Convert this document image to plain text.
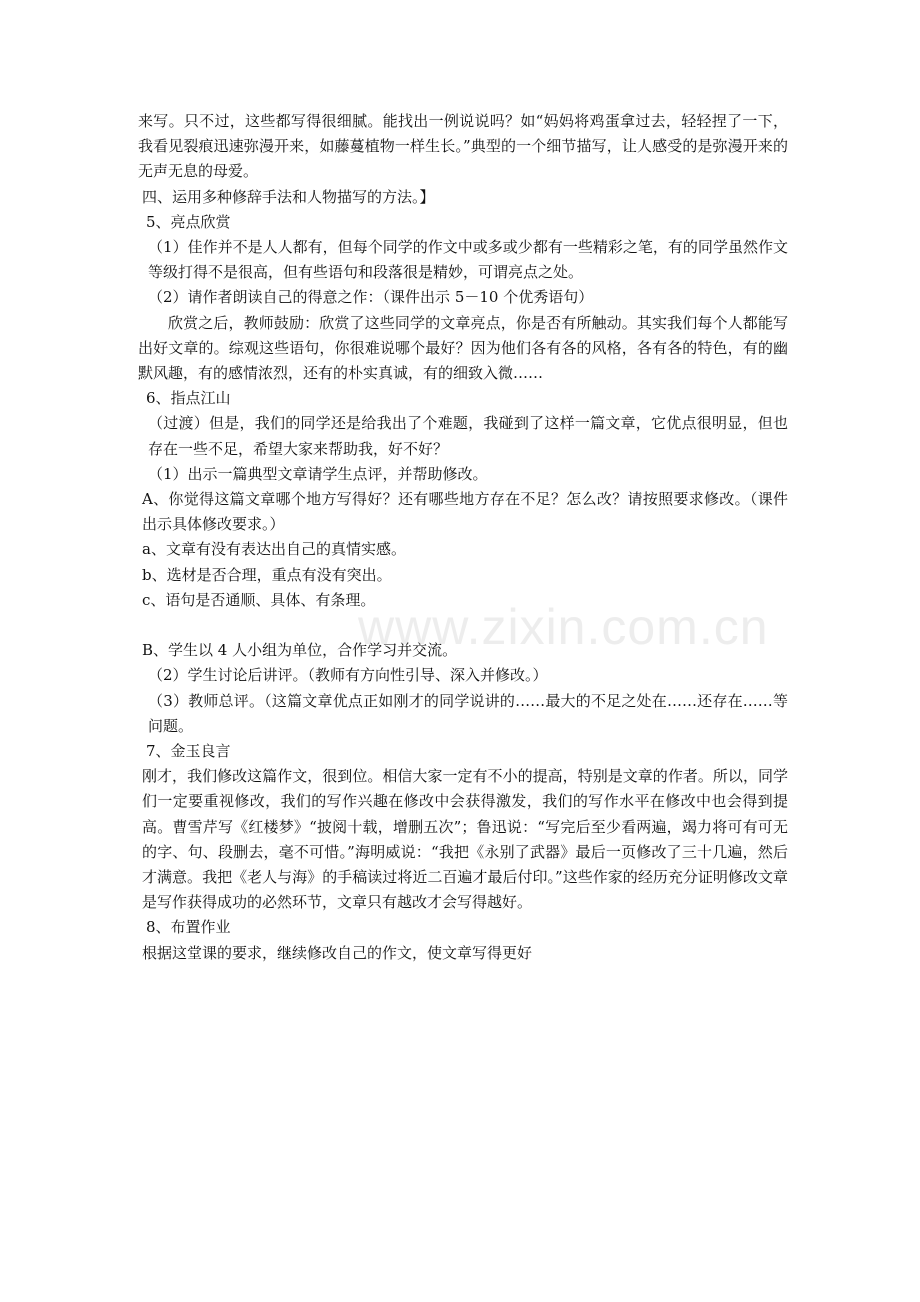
来写。只不过，这些都写得很细腻。能找出一例说说吗？如“妈妈将鸡蛋拿过去，轻轻捏了一下，我看见裂痕迅速弥漫开来，如藤蔓植物一样生长。”典型的一个细节描写，让人感受的是弥漫开来的无声无息的母爱。

四、运用多种修辞手法和人物描写的方法。】

5、亮点欣赏

（1）佳作并不是人人都有，但每个同学的作文中或多或少都有一些精彩之笔，有的同学虽然作文等级打得不是很高，但有些语句和段落很是精妙，可谓亮点之处。

（2）请作者朗读自己的得意之作：（课件出示 5－10 个优秀语句）

欣赏之后，教师鼓励：欣赏了这些同学的文章亮点，你是否有所触动。其实我们每个人都能写出好文章的。综观这些语句，你很难说哪个最好？因为他们各有各的风格，各有各的特色，有的幽默风趣，有的感情浓烈，还有的朴实真诚，有的细致入微……

6、指点江山

（过渡）但是，我们的同学还是给我出了个难题，我碰到了这样一篇文章，它优点很明显，但也存在一些不足，希望大家来帮助我，好不好？

（1）出示一篇典型文章请学生点评，并帮助修改。

A、你觉得这篇文章哪个地方写得好？还有哪些地方存在不足？怎么改？请按照要求修改。（课件出示具体修改要求。）

a、文章有没有表达出自己的真情实感。

b、选材是否合理，重点有没有突出。

c、语句是否通顺、具体、有条理。

B、学生以 4 人小组为单位，合作学习并交流。

（2）学生讨论后讲评。（教师有方向性引导、深入并修改。）

（3）教师总评。（这篇文章优点正如刚才的同学说讲的……最大的不足之处在……还存在……等问题。

7、金玉良言

刚才，我们修改这篇作文，很到位。相信大家一定有不小的提高，特别是文章的作者。所以，同学们一定要重视修改，我们的写作兴趣在修改中会获得激发，我们的写作水平在修改中也会得到提高。曹雪芹写《红楼梦》“披阅十载，增删五次”；鲁迅说：“写完后至少看两遍，竭力将可有可无的字、句、段删去，毫不可惜。”海明威说：“我把《永别了武器》最后一页修改了三十几遍，然后才满意。我把《老人与海》的手稿读过将近二百遍才最后付印。”这些作家的经历充分证明修改文章是写作获得成功的必然环节，文章只有越改才会写得越好。

8、布置作业

根据这堂课的要求，继续修改自己的作文，使文章写得更好

www.zixin.com.cn
